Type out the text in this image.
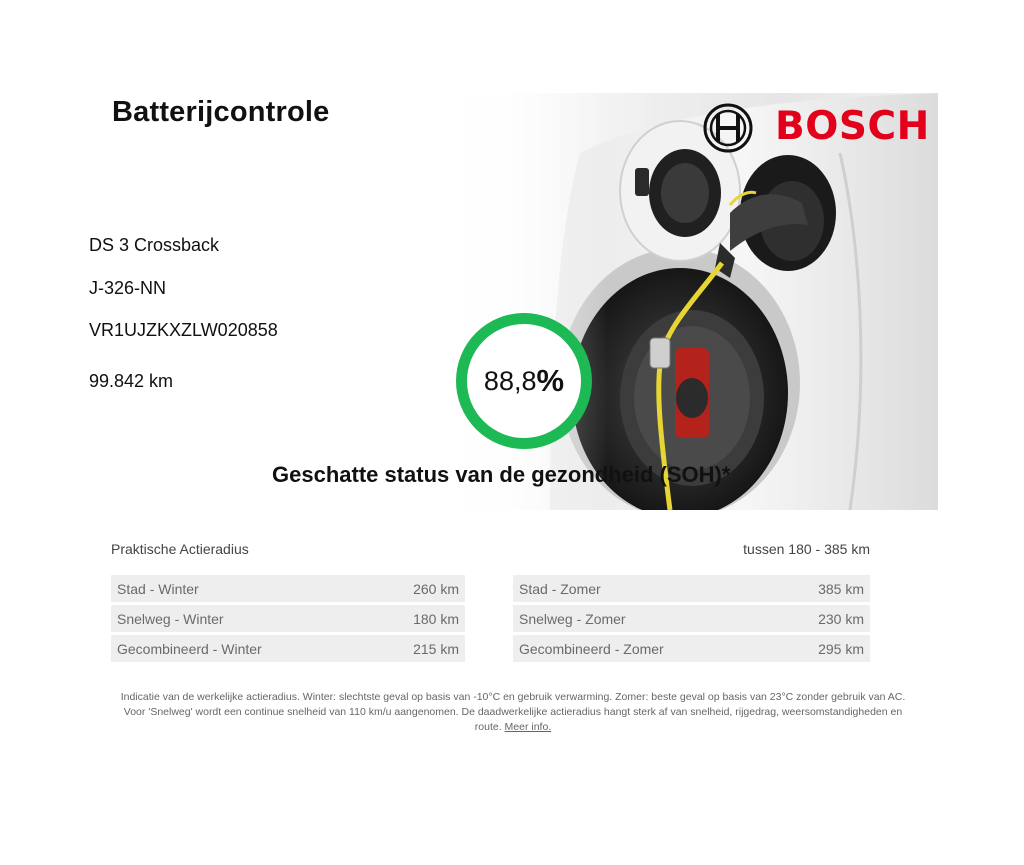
Batterijcontrole	BOSCH
DS 3 Crossback
J-326-NN
VR1UJZKXZLW020858
99.842 km	88,8 %
Geschatte status van de gezondheid (SOH)*
Praktische Actieradius	tussen 180 - 385 km
Stad - Winter	260 km
Snelweg - Winter	180 km
Gecombineerd - Winter	215 km
Stad - Zomer	385 km
Snelweg - Zomer	230 km
Gecombineerd - Zomer	295 km
Indicatie van de werkelijke actieradius. Winter: slechtste geval op basis van -10°C en gebruik verwarming. Zomer: beste geval op basis van 23°C zonder gebruik van AC. Voor 'Snelweg' wordt een continue snelheid van 110 km/u aangenomen. De daadwerkelijke actieradius hangt sterk af van snelheid, rijgedrag, weersomstandigheden en route. Meer info.
